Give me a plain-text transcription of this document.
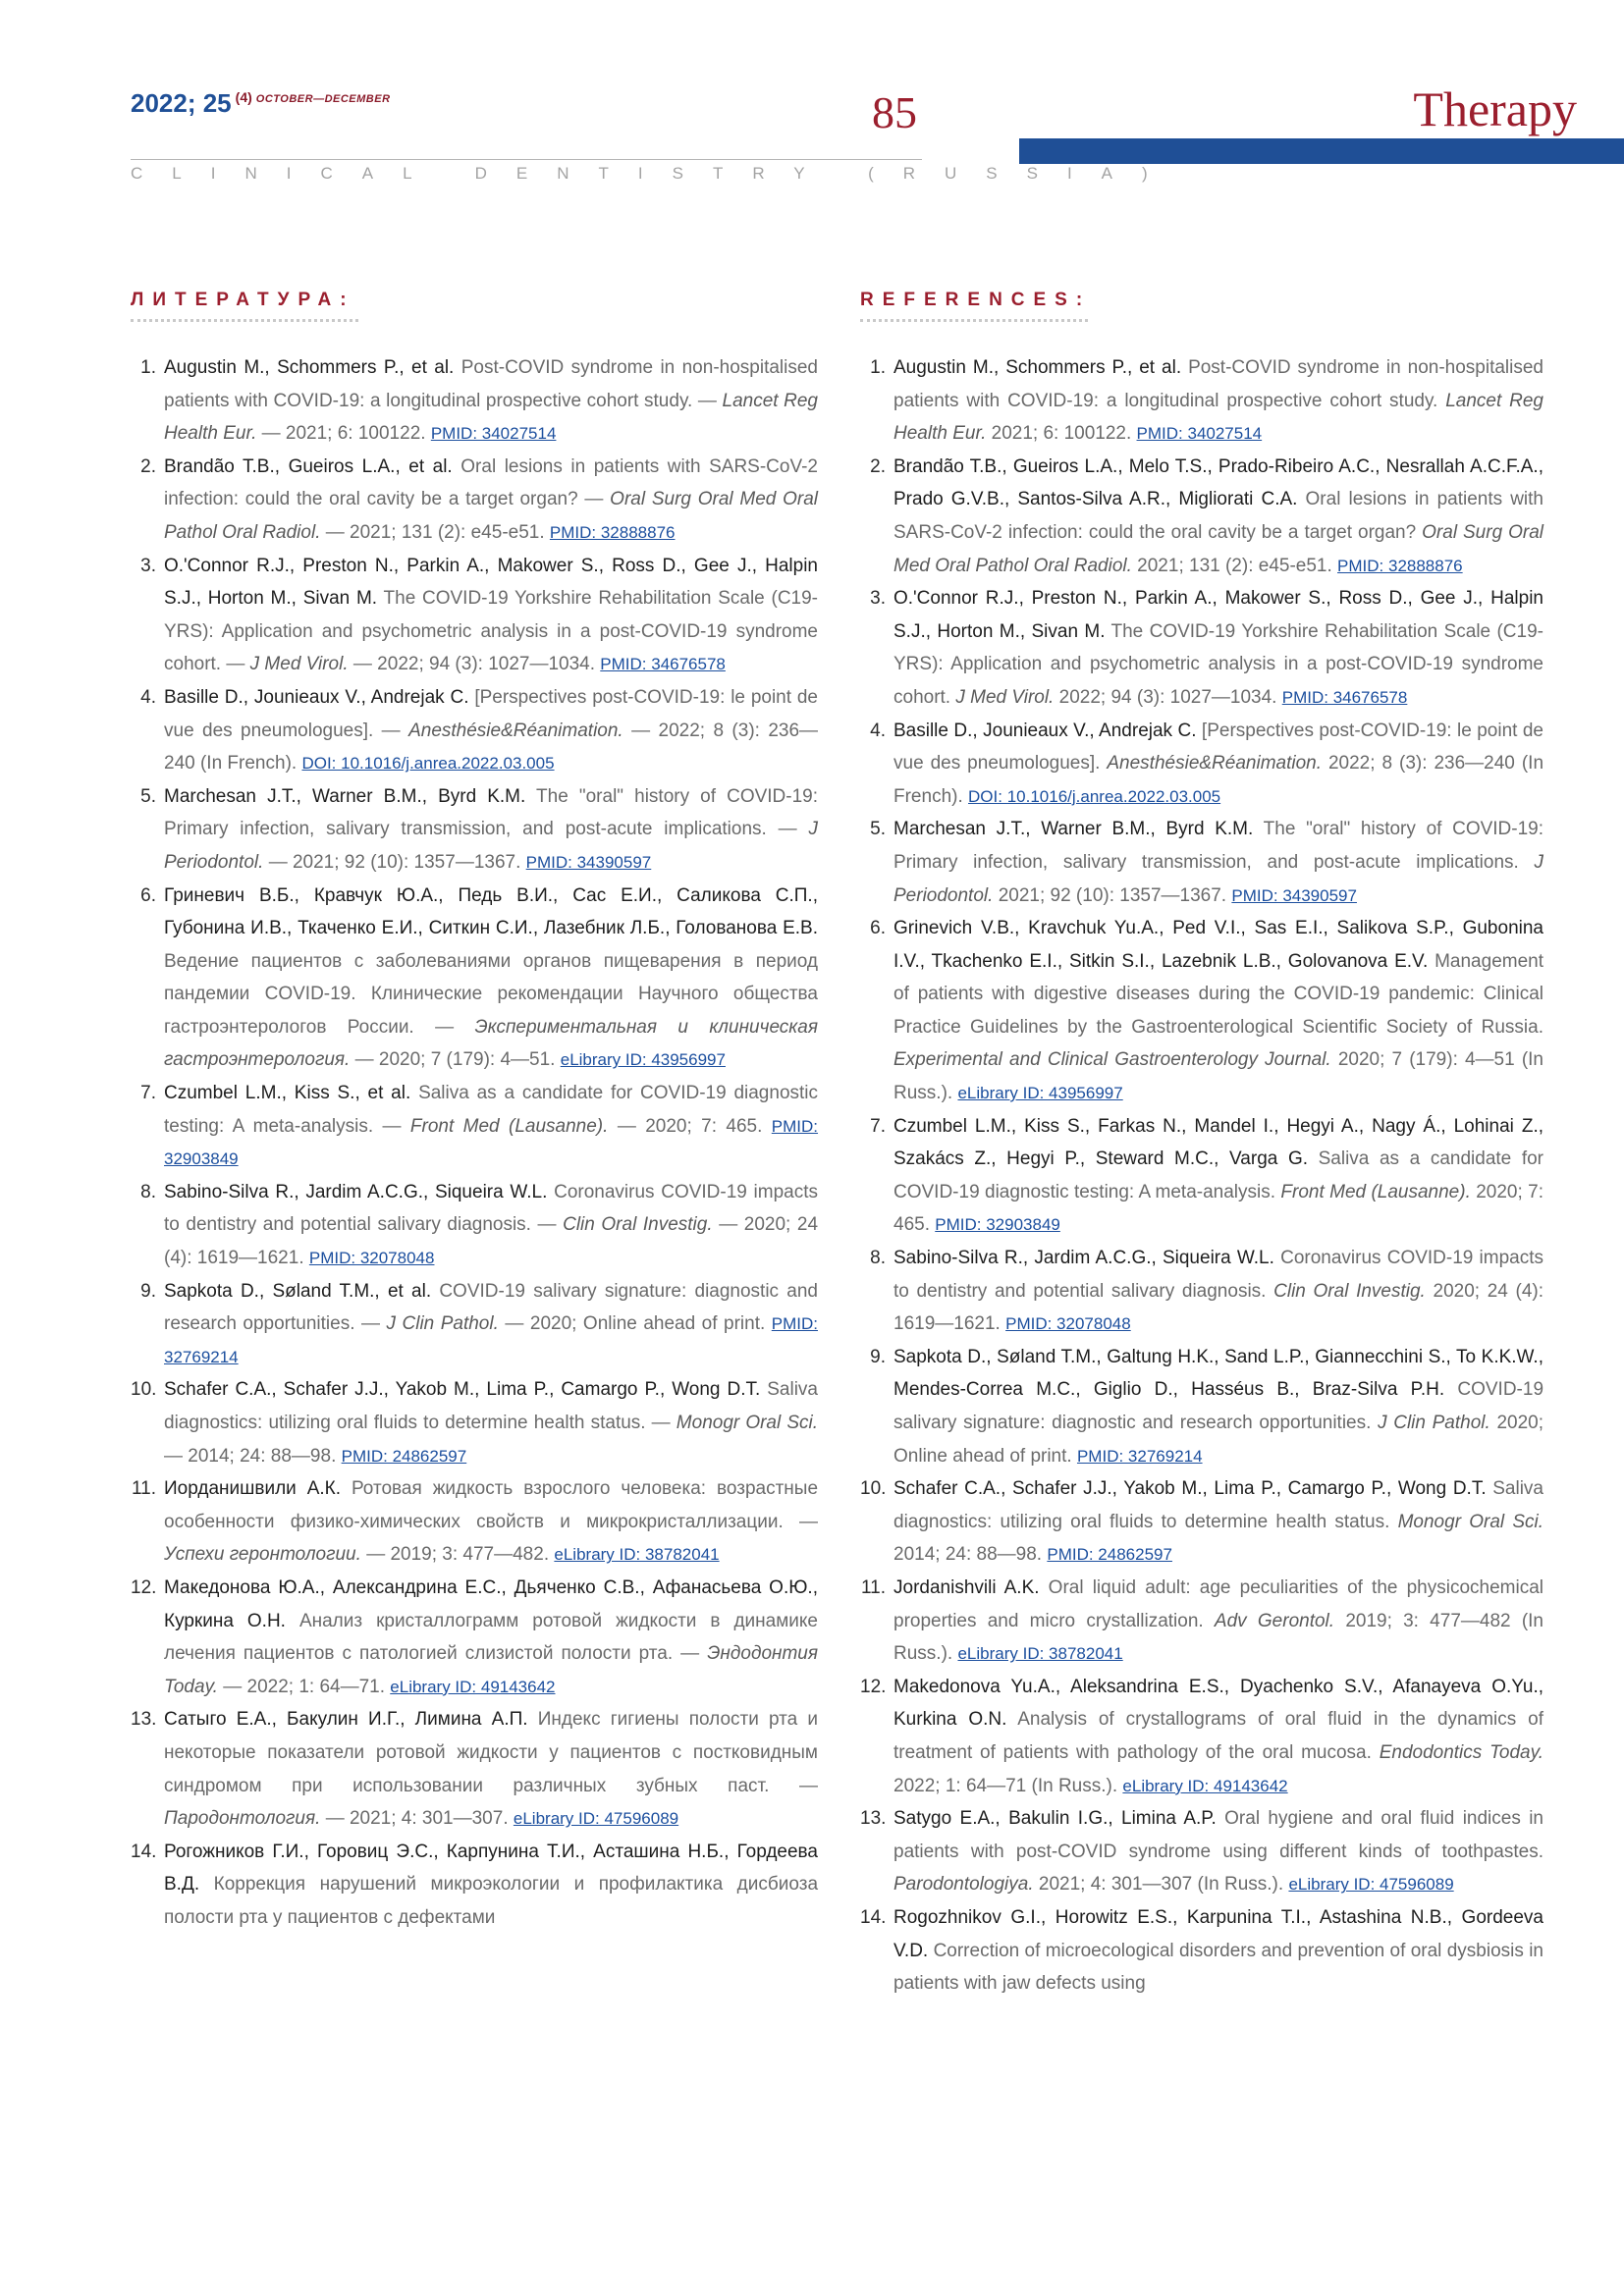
2022; 25 $^{(4)}$ $^{OCTOBER—DECEMBER}$	85	Therapy
CLINICAL DENTISTRY (RUSSIA)
ЛИТЕРАТУРА:
1. Augustin M., Schommers P., et al. Post-COVID syndrome in non-hospitalised patients with COVID-19: a longitudinal prospective cohort study. — Lancet Reg Health Eur. — 2021; 6: 100122. PMID: 34027514
2. Brandão T.B., Gueiros L.A., et al. Oral lesions in patients with SARS-CoV-2 infection: could the oral cavity be a target organ? — Oral Surg Oral Med Oral Pathol Oral Radiol. — 2021; 131 (2): e45-e51. PMID: 32888876
3. O.'Connor R.J., Preston N., Parkin A., Makower S., Ross D., Gee J., Halpin S.J., Horton M., Sivan M. The COVID-19 Yorkshire Rehabilitation Scale (C19-YRS): Application and psychometric analysis in a post-COVID-19 syndrome cohort. — J Med Virol. — 2022; 94 (3): 1027—1034. PMID: 34676578
4. Basille D., Jounieaux V., Andrejak C. [Perspectives post-COVID-19: le point de vue des pneumologues]. — Anesthésie&Réanimation. — 2022; 8 (3): 236—240 (In French). DOI: 10.1016/j.anrea.2022.03.005
5. Marchesan J.T., Warner B.M., Byrd K.M. The "oral" history of COVID-19: Primary infection, salivary transmission, and post-acute implications. — J Periodontol. — 2021; 92 (10): 1357—1367. PMID: 34390597
6. Гриневич В.Б., Кравчук Ю.А., Педь В.И., Сас Е.И., Саликова С.П., Губонина И.В., Ткаченко Е.И., Ситкин С.И., Лазебник Л.Б., Голованова Е.В. Ведение пациентов с заболеваниями органов пищеварения в период пандемии COVID-19. Клинические рекомендации Научного общества гастроэнтерологов России. — Экспериментальная и клиническая гастроэнтерология. — 2020; 7 (179): 4—51. eLibrary ID: 43956997
7. Czumbel L.M., Kiss S., et al. Saliva as a candidate for COVID-19 diagnostic testing: A meta-analysis. — Front Med (Lausanne). — 2020; 7: 465. PMID: 32903849
8. Sabino-Silva R., Jardim A.C.G., Siqueira W.L. Coronavirus COVID-19 impacts to dentistry and potential salivary diagnosis. — Clin Oral Investig. — 2020; 24 (4): 1619—1621. PMID: 32078048
9. Sapkota D., Søland T.M., et al. COVID-19 salivary signature: diagnostic and research opportunities. — J Clin Pathol. — 2020; Online ahead of print. PMID: 32769214
10. Schafer C.A., Schafer J.J., Yakob M., Lima P., Camargo P., Wong D.T. Saliva diagnostics: utilizing oral fluids to determine health status. — Monogr Oral Sci. — 2014; 24: 88—98. PMID: 24862597
11. Иорданишвили А.К. Ротовая жидкость взрослого человека: возрастные особенности физико-химических свойств и микрокристаллизации. — Успехи геронтологии. — 2019; 3: 477—482. eLibrary ID: 38782041
12. Македонова Ю.А., Александрина Е.С., Дьяченко С.В., Афанасьева О.Ю., Куркина О.Н. Анализ кристаллограмм ротовой жидкости в динамике лечения пациентов с патологией слизистой полости рта. — Эндодонтия Today. — 2022; 1: 64—71. eLibrary ID: 49143642
13. Сатыго Е.А., Бакулин И.Г., Лимина А.П. Индекс гигиены полости рта и некоторые показатели ротовой жидкости у пациентов с постковидным синдромом при использовании различных зубных паст. — Пародонтология. — 2021; 4: 301—307. eLibrary ID: 47596089
14. Рогожников Г.И., Горовиц Э.С., Карпунина Т.И., Асташина Н.Б., Гордеева В.Д. Коррекция нарушений микроэкологии и профилактика дисбиоза полости рта у пациентов с дефектами
REFERENCES:
1. Augustin M., Schommers P., et al. Post-COVID syndrome in non-hospitalised patients with COVID-19: a longitudinal prospective cohort study. Lancet Reg Health Eur. 2021; 6: 100122. PMID: 34027514
2. Brandão T.B., Gueiros L.A., Melo T.S., Prado-Ribeiro A.C., Nesrallah A.C.F.A., Prado G.V.B., Santos-Silva A.R., Migliorati C.A. Oral lesions in patients with SARS-CoV-2 infection: could the oral cavity be a target organ? Oral Surg Oral Med Oral Pathol Oral Radiol. 2021; 131 (2): e45-e51. PMID: 32888876
3. O.'Connor R.J., Preston N., Parkin A., Makower S., Ross D., Gee J., Halpin S.J., Horton M., Sivan M. The COVID-19 Yorkshire Rehabilitation Scale (C19-YRS): Application and psychometric analysis in a post-COVID-19 syndrome cohort. J Med Virol. 2022; 94 (3): 1027—1034. PMID: 34676578
4. Basille D., Jounieaux V., Andrejak C. [Perspectives post-COVID-19: le point de vue des pneumologues]. Anesthésie&Réanimation. 2022; 8 (3): 236—240 (In French). DOI: 10.1016/j.anrea.2022.03.005
5. Marchesan J.T., Warner B.M., Byrd K.M. The "oral" history of COVID-19: Primary infection, salivary transmission, and post-acute implications. J Periodontol. 2021; 92 (10): 1357—1367. PMID: 34390597
6. Grinevich V.B., Kravchuk Yu.A., Ped V.I., Sas E.I., Salikova S.P., Gubonina I.V., Tkachenko E.I., Sitkin S.I., Lazebnik L.B., Golovanova E.V. Management of patients with digestive diseases during the COVID-19 pandemic: Clinical Practice Guidelines by the Gastroenterological Scientific Society of Russia. Experimental and Clinical Gastroenterology Journal. 2020; 7 (179): 4—51 (In Russ.). eLibrary ID: 43956997
7. Czumbel L.M., Kiss S., Farkas N., Mandel I., Hegyi A., Nagy Á., Lohinai Z., Szakács Z., Hegyi P., Steward M.C., Varga G. Saliva as a candidate for COVID-19 diagnostic testing: A meta-analysis. Front Med (Lausanne). 2020; 7: 465. PMID: 32903849
8. Sabino-Silva R., Jardim A.C.G., Siqueira W.L. Coronavirus COVID-19 impacts to dentistry and potential salivary diagnosis. Clin Oral Investig. 2020; 24 (4): 1619—1621. PMID: 32078048
9. Sapkota D., Søland T.M., Galtung H.K., Sand L.P., Giannecchini S., To K.K.W., Mendes-Correa M.C., Giglio D., Hasséus B., Braz-Silva P.H. COVID-19 salivary signature: diagnostic and research opportunities. J Clin Pathol. 2020; Online ahead of print. PMID: 32769214
10. Schafer C.A., Schafer J.J., Yakob M., Lima P., Camargo P., Wong D.T. Saliva diagnostics: utilizing oral fluids to determine health status. Monogr Oral Sci. 2014; 24: 88—98. PMID: 24862597
11. Jordanishvili A.K. Oral liquid adult: age peculiarities of the physicochemical properties and micro crystallization. Adv Gerontol. 2019; 3: 477—482 (In Russ.). eLibrary ID: 38782041
12. Makedonova Yu.A., Aleksandrina E.S., Dyachenko S.V., Afanayeva O.Yu., Kurkina O.N. Analysis of crystallograms of oral fluid in the dynamics of treatment of patients with pathology of the oral mucosa. Endodontics Today. 2022; 1: 64—71 (In Russ.). eLibrary ID: 49143642
13. Satygo E.A., Bakulin I.G., Limina A.P. Oral hygiene and oral fluid indices in patients with post-COVID syndrome using different kinds of toothpastes. Parodontologiya. 2021; 4: 301—307 (In Russ.). eLibrary ID: 47596089
14. Rogozhnikov G.I., Horowitz E.S., Karpunina T.I., Astashina N.B., Gordeeva V.D. Correction of microecological disorders and prevention of oral dysbiosis in patients with jaw defects using
